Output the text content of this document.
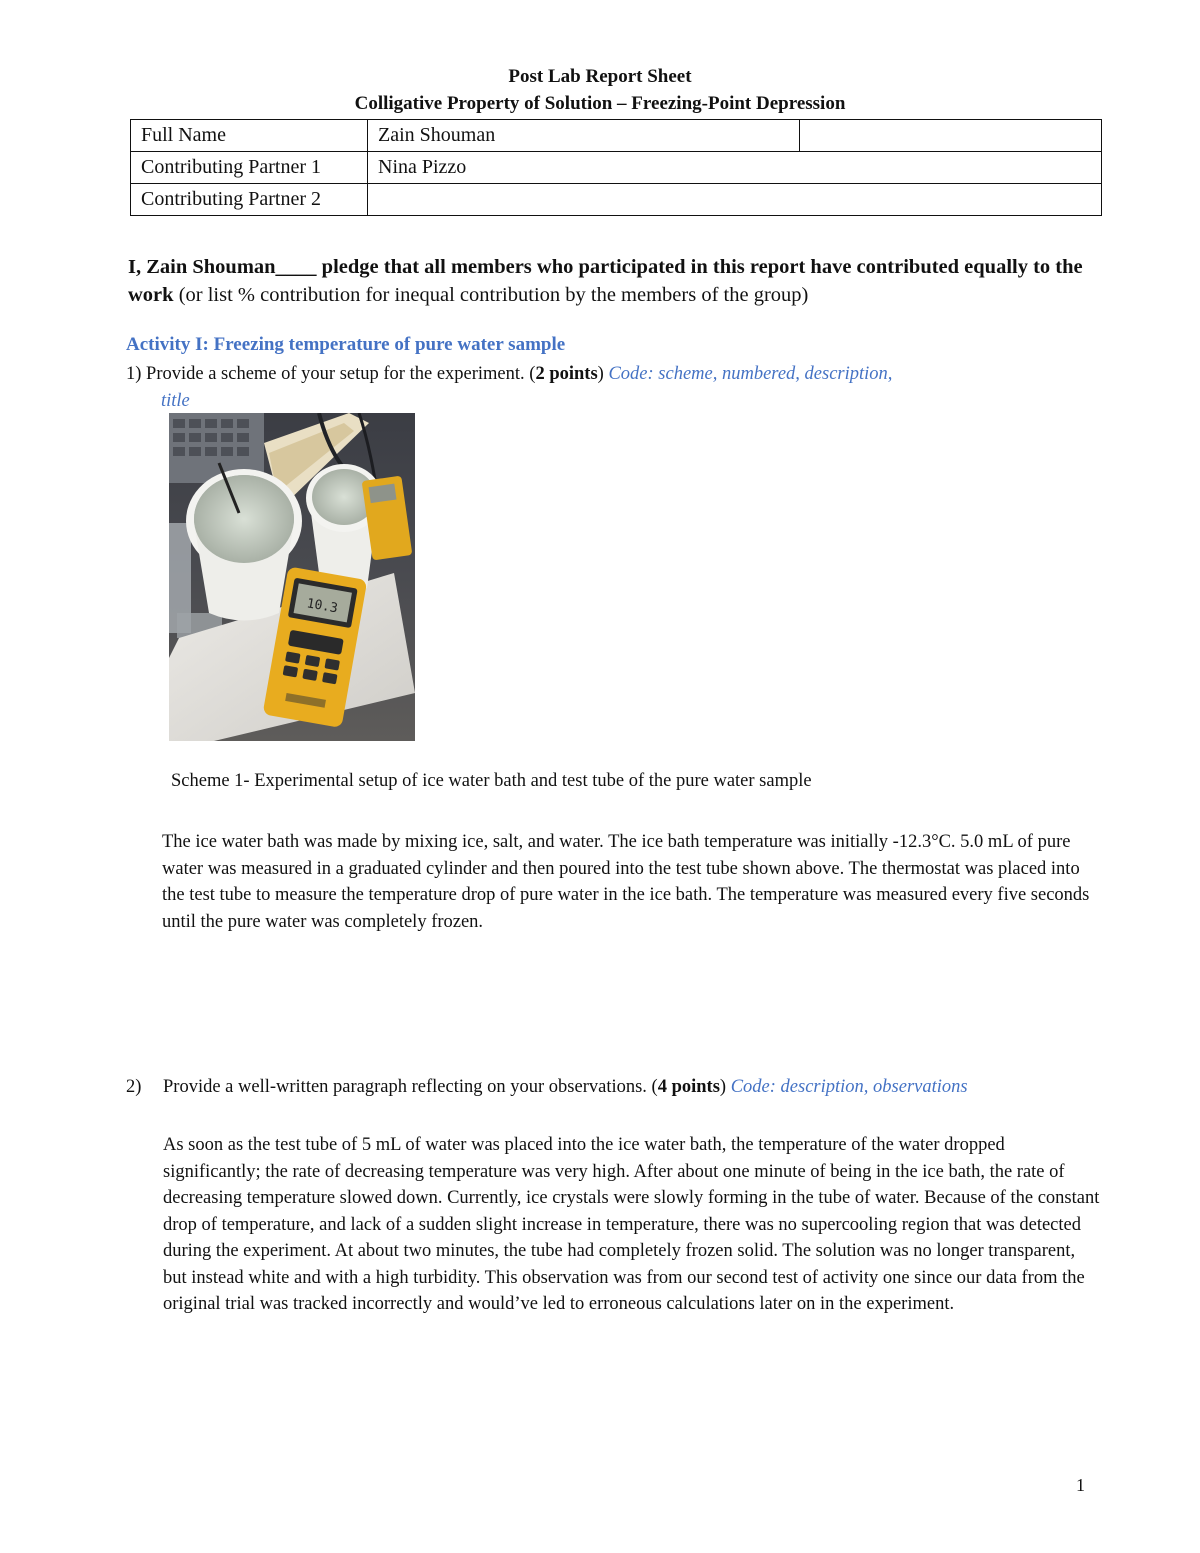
Post Lab Report Sheet
Colligative Property of Solution – Freezing-Point Depression
Full Name	Zain Shouman	
Contributing Partner 1	Nina Pizzo	
Contributing Partner 2		
I, Zain Shouman____ pledge that all members who participated in this report have contributed equally to the work (or list % contribution for inequal contribution by the members of the group)
Activity I: Freezing temperature of pure water sample
1) Provide a scheme of your setup for the experiment. (2 points) Code: scheme, numbered, description,
title
10.3
Scheme 1- Experimental setup of ice water bath and test tube of the pure water sample
The ice water bath was made by mixing ice, salt, and water. The ice bath temperature was initially -12.3°C. 5.0 mL of pure water was measured in a graduated cylinder and then poured into the test tube shown above. The thermostat was placed into the test tube to measure the temperature drop of pure water in the ice bath. The temperature was measured every five seconds until the pure water was completely frozen.
2) Provide a well-written paragraph reflecting on your observations. (4 points) Code: description, observations
As soon as the test tube of 5 mL of water was placed into the ice water bath, the temperature of the water dropped significantly; the rate of decreasing temperature was very high. After about one minute of being in the ice bath, the rate of decreasing temperature slowed down. Currently, ice crystals were slowly forming in the tube of water. Because of the constant drop of temperature, and lack of a sudden slight increase in temperature, there was no supercooling region that was detected during the experiment. At about two minutes, the tube had completely frozen solid. The solution was no longer transparent, but instead white and with a high turbidity. This observation was from our second test of activity one since our data from the original trial was tracked incorrectly and would’ve led to erroneous calculations later on in the experiment.
1
